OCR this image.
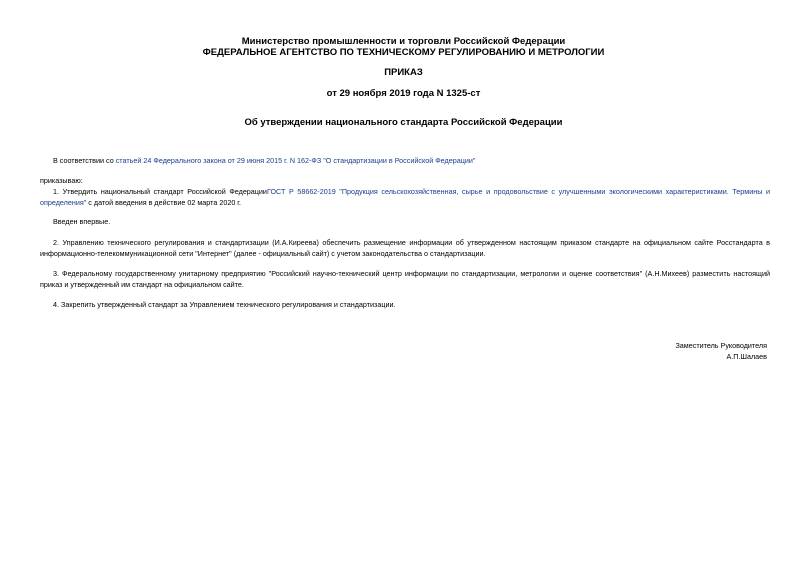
Министерство промышленности и торговли Российской Федерации
ФЕДЕРАЛЬНОЕ АГЕНТСТВО ПО ТЕХНИЧЕСКОМУ РЕГУЛИРОВАНИЮ И МЕТРОЛОГИИ
ПРИКАЗ
от 29 ноября 2019 года N 1325-ст
Об утверждении национального стандарта Российской Федерации
В соответствии со статьей 24 Федерального закона от 29 июня 2015 г. N 162-ФЗ "О стандартизации в Российской Федерации"
приказываю:
1. Утвердить национальный стандарт Российской ФедерацииГОСТ Р 58662-2019 "Продукция сельскохозяйственная, сырье и продовольствие с улучшенными экологическими характеристиками. Термины и определения" с датой введения в действие 02 марта 2020 г.
Введен впервые.
2. Управлению технического регулирования и стандартизации (И.А.Киреева) обеспечить размещение информации об утвержденном настоящим приказом стандарте на официальном сайте Росстандарта в информационно-телекоммуникационной сети "Интернет" (далее - официальный сайт) с учетом законодательства о стандартизации.
3. Федеральному государственному унитарному предприятию "Российский научно-технический центр информации по стандартизации, метрологии и оценке соответствия" (А.Н.Михеев) разместить настоящий приказ и утвержденный им стандарт на официальном сайте.
4. Закрепить утвержденный стандарт за Управлением технического регулирования и стандартизации.
Заместитель Руководителя
А.П.Шалаев
